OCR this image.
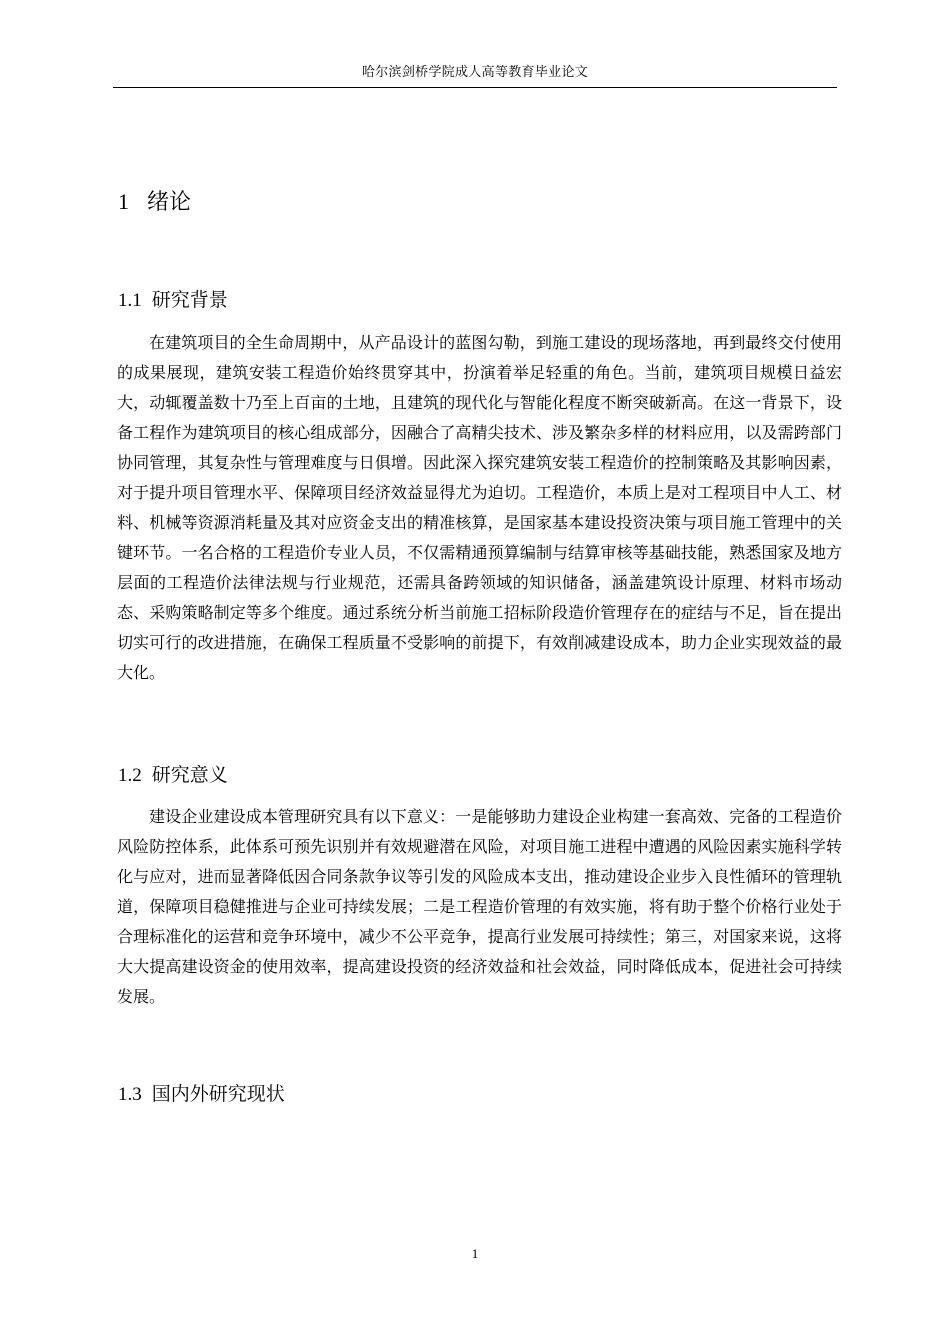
哈尔滨剑桥学院成人高等教育毕业论文
1 绪论
1.1 研究背景

在建筑项目的全生命周期中，从产品设计的蓝图勾勒，到施工建设的现场落地，再到最终交付使用的成果展现，建筑安装工程造价始终贯穿其中，扮演着举足轻重的角色。当前，建筑项目规模日益宏大，动辄覆盖数十乃至上百亩的土地，且建筑的现代化与智能化程度不断突破新高。在这一背景下，设备工程作为建筑项目的核心组成部分，因融合了高精尖技术、涉及繁杂多样的材料应用，以及需跨部门协同管理，其复杂性与管理难度与日俱增。因此深入探究建筑安装工程造价的控制策略及其影响因素，对于提升项目管理水平、保障项目经济效益显得尤为迫切。工程造价，本质上是对工程项目中人工、材料、机械等资源消耗量及其对应资金支出的精准核算，是国家基本建设投资决策与项目施工管理中的关键环节。一名合格的工程造价专业人员，不仅需精通预算编制与结算审核等基础技能，熟悉国家及地方层面的工程造价法律法规与行业规范，还需具备跨领域的知识储备，涵盖建筑设计原理、材料市场动态、采购策略制定等多个维度。通过系统分析当前施工招标阶段造价管理存在的症结与不足，旨在提出切实可行的改进措施，在确保工程质量不受影响的前提下，有效削减建设成本，助力企业实现效益的最大化。

1.2 研究意义

建设企业建设成本管理研究具有以下意义：一是能够助力建设企业构建一套高效、完备的工程造价风险防控体系，此体系可预先识别并有效规避潜在风险，对项目施工进程中遭遇的风险因素实施科学转化与应对，进而显著降低因合同条款争议等引发的风险成本支出，推动建设企业步入良性循环的管理轨道，保障项目稳健推进与企业可持续发展；二是工程造价管理的有效实施，将有助于整个价格行业处于合理标准化的运营和竞争环境中，减少不公平竞争，提高行业发展可持续性；第三，对国家来说，这将大大提高建设资金的使用效率，提高建设投资的经济效益和社会效益，同时降低成本，促进社会可持续发展。

1.3 国内外研究现状
1
